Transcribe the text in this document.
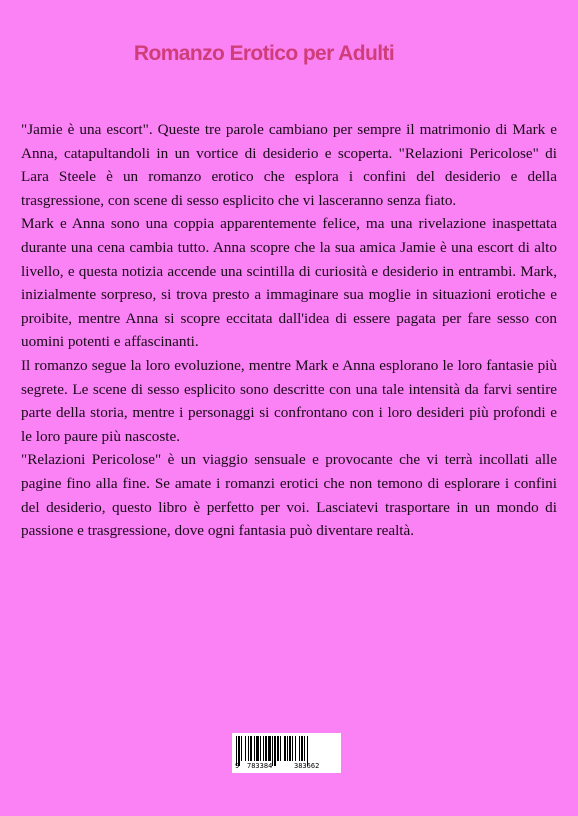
Romanzo Erotico per Adulti

"Jamie è una escort". Queste tre parole cambiano per sempre il matrimonio di Mark e Anna, catapultandoli in un vortice di desiderio e scoperta. "Relazioni Pericolose" di Lara Steele è un romanzo erotico che esplora i confini del desiderio e della trasgressione, con scene di sesso esplicito che vi lasceranno senza fiato.

Mark e Anna sono una coppia apparentemente felice, ma una rivelazione inaspettata durante una cena cambia tutto. Anna scopre che la sua amica Jamie è una escort di alto livello, e questa notizia accende una scintilla di curiosità e desiderio in entrambi. Mark, inizialmente sorpreso, si trova presto a immaginare sua moglie in situazioni erotiche e proibite, mentre Anna si scopre eccitata dall'idea di essere pagata per fare sesso con uomini potenti e affascinanti.

Il romanzo segue la loro evoluzione, mentre Mark e Anna esplorano le loro fantasie più segrete. Le scene di sesso esplicito sono descritte con una tale intensità da farvi sentire parte della storia, mentre i personaggi si confrontano con i loro desideri più profondi e le loro paure più nascoste.

"Relazioni Pericolose" è un viaggio sensuale e provocante che vi terrà incollati alle pagine fino alla fine. Se amate i romanzi erotici che non temono di esplorare i confini del desiderio, questo libro è perfetto per voi. Lasciatevi trasportare in un mondo di passione e trasgressione, dove ogni fantasia può diventare realtà.

9 783384	383662
